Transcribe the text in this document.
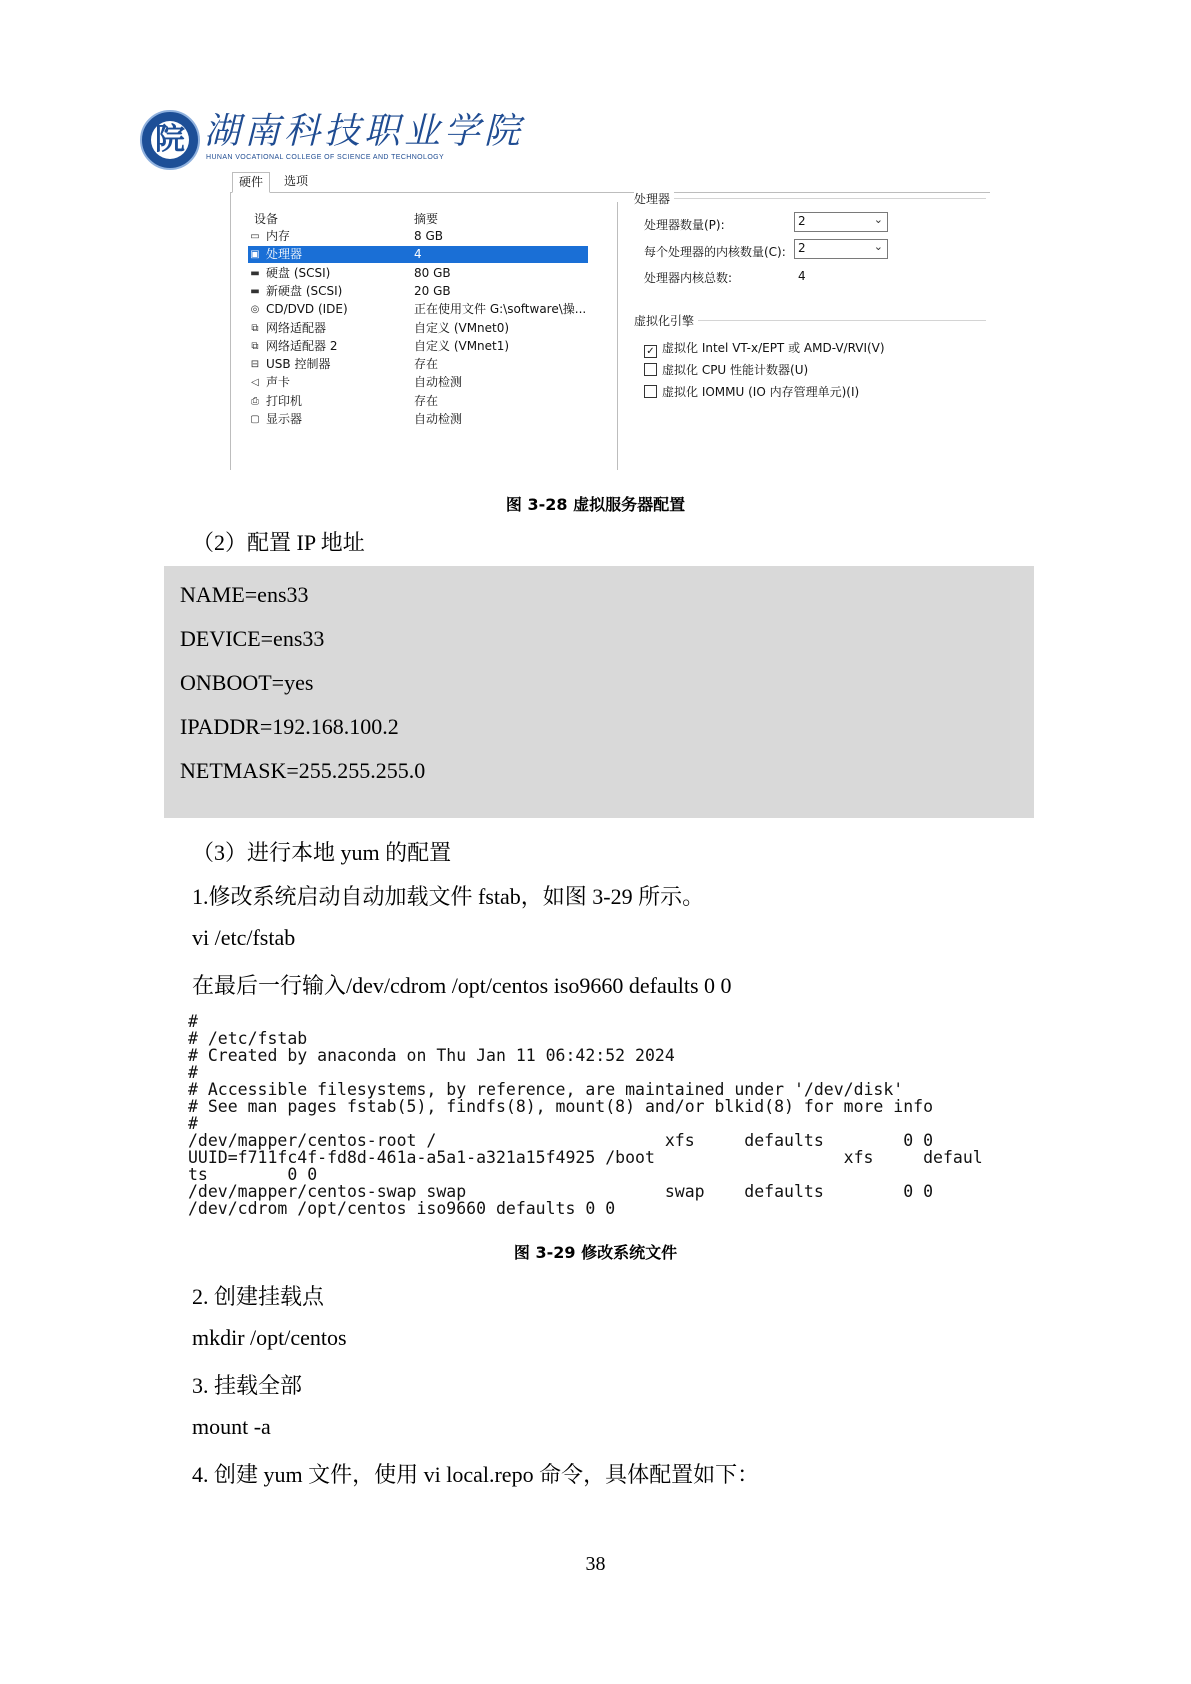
院 湖南科技职业学院
HUNAN VOCATIONAL COLLEGE OF SCIENCE AND TECHNOLOGY
硬件	选项
设备	摘要
▭ 内存	8 GB
▣ 处理器	4
▬ 硬盘 (SCSI)	80 GB
▬ 新硬盘 (SCSI)	20 GB
◎ CD/DVD (IDE)	正在使用文件 G:\software\操...
⧉ 网络适配器	自定义 (VMnet0)
⧉ 网络适配器 2	自定义 (VMnet1)
⊟ USB 控制器	存在
◁ 声卡	自动检测
⎙ 打印机	存在
▢ 显示器	自动检测
处理器
处理器数量(P):	2	⌄
每个处理器的内核数量(C): 2	⌄
处理器内核总数:	4
虚拟化引擎
✓ 虚拟化 Intel VT-x/EPT 或 AMD-V/RVI(V)
虚拟化 CPU 性能计数器(U)
虚拟化 IOMMU (IO 内存管理单元)(I)
图 3-28 虚拟服务器配置
（2）配置 IP 地址
NAME=ens33
DEVICE=ens33
ONBOOT=yes
IPADDR=192.168.100.2
NETMASK=255.255.255.0
（3）进行本地 yum 的配置
1.修改系统启动自动加载文件 fstab，如图 3-29 所示。
vi /etc/fstab
在最后一行输入/dev/cdrom /opt/centos iso9660 defaults 0 0
#
# /etc/fstab
# Created by anaconda on Thu Jan 11 06:42:52 2024
#
# Accessible filesystems, by reference, are maintained under '/dev/disk'
# See man pages fstab(5), findfs(8), mount(8) and/or blkid(8) for more info
#
/dev/mapper/centos-root /                       xfs     defaults        0 0
UUID=f711fc4f-fd8d-461a-a5a1-a321a15f4925 /boot                   xfs     defaul
ts        0 0
/dev/mapper/centos-swap swap                    swap    defaults        0 0
/dev/cdrom /opt/centos iso9660 defaults 0 0
图 3-29 修改系统文件
2. 创建挂载点
mkdir /opt/centos
3. 挂载全部
mount -a
4. 创建 yum 文件，使用 vi local.repo 命令，具体配置如下：
38
